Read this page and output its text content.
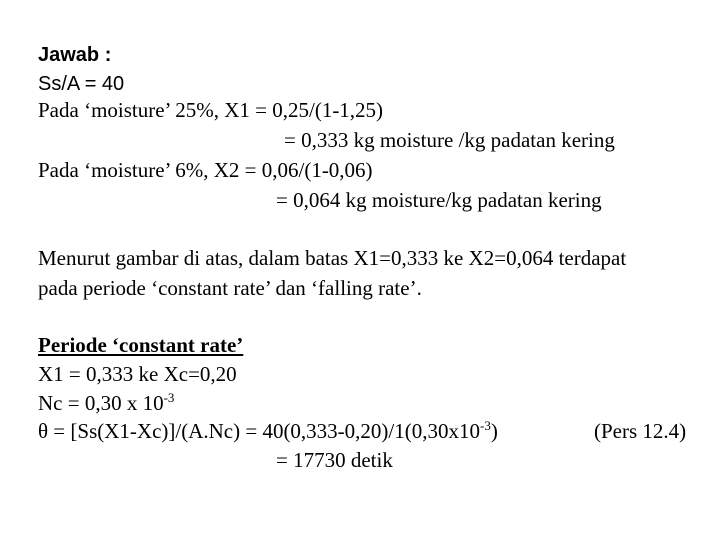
Jawab :
Ss/A = 40
Pada ‘moisture’ 25%, X1 = 0,25/(1-1,25)
= 0,333 kg moisture /kg padatan kering
Pada ‘moisture’ 6%, X2 = 0,06/(1-0,06)
= 0,064 kg moisture/kg padatan kering
Menurut gambar di atas, dalam batas X1=0,333 ke X2=0,064 terdapat
pada periode ‘constant rate’ dan ‘falling rate’.
Periode ‘constant rate’
X1 = 0,333 ke Xc=0,20
Nc = 0,30 x $10^{-3}$
$\theta = [Ss(X1-Xc)]/(A.Nc) = 40(0,333-0,20)/1(0,30x10^{-3})$	(Pers 12.4)
= 17730 detik
